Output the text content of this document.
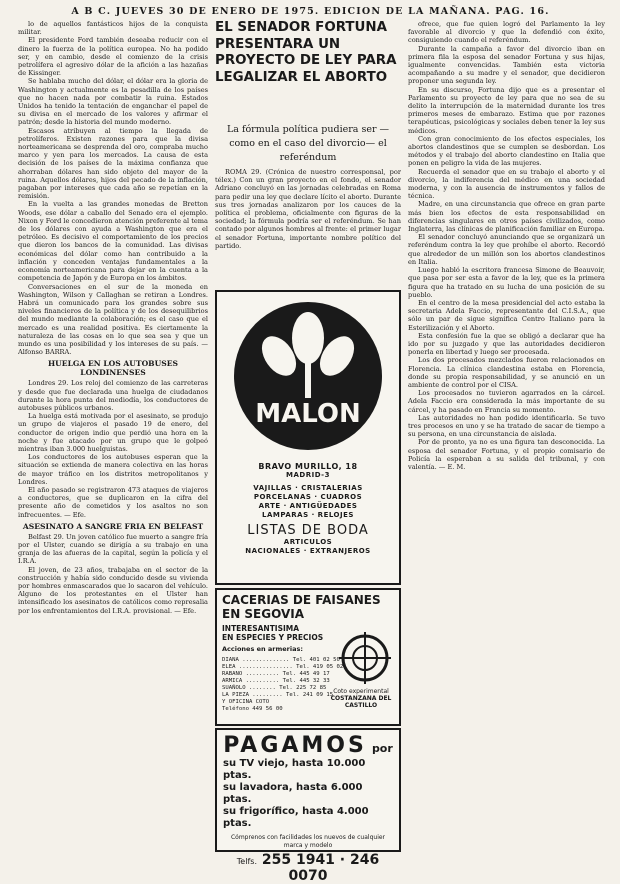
A B C. JUEVES 30 DE ENERO DE 1975. EDICION DE LA MAÑANA. PAG. 16.

lo de aquellos fantásticos hijos de la conquista militar.

El presidente Ford también deseaba reducir con el dinero la fuerza de la política europea. No ha podido ser, y en cambio, desde el comienzo de la crisis petrolífera el agresivo dólar de la afición a las hazañas de Kissinger.

Se hablaba mucho del dólar, el dólar era la gloria de Washington y actualmente es la pesadilla de los países que no hacen nada por combatir la ruina. Estados Unidos ha tenido la tentación de enganchar el papel de su divisa en el mercado de los valores y afirmar el patrón; desde la historia del mundo moderno.

Escasos atribuyen al tiempo la llegada de petrolíferos. Existen razones para que la divisa norteamericana se desprenda del oro, compraba mucho marco y yen para los mercados. La causa de esta decisión de los países de la máxima confianza que ahorraban dólares han sido objeto del mayor de la ruina. Aquellos dólares, hijos del pecado de la inflación, pagaban por intereses que cada año se repetían en la remisión.

En la vuelta a las grandes monedas de Bretton Woods, ese dólar a caballo del Senado era el ejemplo. Nixon y Ford le concedieron atención preferente al tema de los dólares con ayuda a Washington que era el petróleo. Es decisivo el comportamiento de los precios que dieron los bancos de la comunidad. Las divisas económicas del dólar como han contribuido a la inflación y conceden ventajas fundamentales a la economía norteamericana para dejar en la cuenta a la competencia de Japón y de Europa en los ámbitos.

Conversaciones en el sur de la moneda en Washington, Wilson y Callaghan se retiran a Londres. Habrá un comunicado para los grandes sobre sus niveles financieros de la política y de los desequilibrios del mundo mediante la colaboración; es el caso que el mercado es una realidad positiva. Es ciertamente la naturaleza de las cosas en lo que sea sea y que un mundo es una posibilidad y los intereses de su país. — Alfonso BARRA.

HUELGA EN LOS AUTOBUSES LONDINENSES

Londres 29. Los reloj del comienzo de las carreteras y desde que fue declarada una huelga de ciudadanos durante la hora punta del mediodía, los conductores de autobuses públicos urbanos.

La huelga está motivada por el asesinato, se produjo un grupo de viajeros el pasado 19 de enero, del conductor de origen indio que perdió una hora en la noche y fue atacado por un grupo que le golpeó mientras iban 3.000 huelguistas.

Los conductores de los autobuses esperan que la situación se extienda de manera colectiva en las horas de mayor tráfico en los distritos metropolitanos y Londres.

El año pasado se registraron 473 ataques de viajeros a conductores, que se duplicaron en la cifra del presente año de cometidos y los asaltos no son infrecuentes. — Efe.

ASESINATO A SANGRE FRIA EN BELFAST

Belfast 29. Un joven católico fue muerto a sangre fría por el Ulster, cuando se dirigía a su trabajo en una granja de las afueras de la capital, según la policía y el I.R.A.

El joven, de 23 años, trabajaba en el sector de la construcción y había sido conducido desde su vivienda por hombres enmascarados que lo sacaron del vehículo. Alguno de los protestantes en el Ulster han intensificado los asesinatos de católicos como represalia por los enfrentamientos del I.R.A. provisional. — Efe.

EL SENADOR FORTUNA PRESENTARA UN PROYECTO DE LEY PARA LEGALIZAR EL ABORTO
La fórmula política pudiera ser —como en el caso del divorcio— el referéndum

ROMA 29. (Crónica de nuestro corresponsal, por télex.) Con un gran proyecto en el fondo, el senador Adriano concluyó en las jornadas celebradas en Roma para pedir una ley que declare lícito el aborto. Durante sus tres jornadas analizaron por los cauces de la política el problema, oficialmente con figuras de la sociedad; la fórmula podría ser el referéndum. Se han contado por algunos hombres al frente: el primer lugar el senador Fortuna, importante nombre político del partido.

MALON
BRAVO MURILLO, 18
MADRID-3
VAJILLAS · CRISTALERIAS
PORCELANAS · CUADROS
ARTE · ANTIGÜEDADES
LAMPARAS · RELOJES
LISTAS DE BODA
ARTICULOS
NACIONALES · EXTRANJEROS
CACERIAS DE FAISANES
EN SEGOVIA
INTERESANTISIMA
EN ESPECIES Y PRECIOS
Acciones en armerias:
DIANA .............. Tel. 401 02 50
ELEA ................ Tel. 419 05 02
RABANO .......... Tel. 445 49 17
ARMICA .......... Tel. 445 32 33
SUAÑOLO ........ Tel. 225 72 85
LA PIEZA ......... Tel. 241 09 15
Y OFICINA COTO
Teléfono 449 56 00
Coto experimental
COSTANZANA DEL CASTILLO
PAGAMOS por
su TV viejo, hasta 10.000 ptas.
su lavadora, hasta 6.000 ptas.
su frigorífico, hasta 4.000 ptas.
Cómprenos con facilidades los nuevos de cualquier marca y modelo
Telfs. 255 1941 · 246 0070

ofrece, que fue quien logró del Parlamento la ley favorable al divorcio y que la defendió con éxito, consiguiendo cuando el referéndum.

Durante la campaña a favor del divorcio iban en primera fila la esposa del senador Fortuna y sus hijas, igualmente convencidas. También esta victoria acompañando a su madre y el senador, que decidieron proponer una segunda ley.

En su discurso, Fortuna dijo que es a presentar el Parlamento su proyecto de ley para que no sea de su delito la interrupción de la maternidad durante los tres primeros meses de embarazo. Estima que por razones terapéuticas, psicológicas y sociales deben tener la ley sus médicos.

Con gran conocimiento de los efectos especiales, los abortos clandestinos que se cumplen se desbordan. Los métodos y el trabajo del aborto clandestino en Italia que ponen en peligro la vida de las mujeres.

Recuerda el senador que en su trabajo el aborto y el divorcio, la indiferencia del médico en una sociedad moderna, y con la ausencia de instrumentos y fallos de técnica.

Madre, en una circunstancia que ofrece en gran parte más bien los efectos de esta responsabilidad en diferencias singulares en otros países civilizados, como Inglaterra, las clínicas de planificación familiar en Europa.

El senador concluyó anunciando que se organizará un referéndum contra la ley que prohíbe el aborto. Recordó que alrededor de un millón son los abortos clandestinos en Italia.

Luego habló la escritora francesa Simone de Beauvoir, que pasa por ser esta a favor de la ley, que es la primera figura que ha tratado en su lucha de una posición de su pueblo.

En el centro de la mesa presidencial del acto estaba la secretaria Adela Faccio, representante del C.I.S.A., que sólo un par de sigue significa Centro Italiano para la Esterilización y el Aborto.

Esta confesión fue la que se obligó a declarar que ha ido por su juzgado y que las autoridades decidieron ponerla en libertad y luego ser procesada.

Los dos procesados mezclados fueron relacionados en Florencia. La clínica clandestina estaba en Florencia, donde su propia responsabilidad, y se anunció en un ambiente de control por el CISA.

Los procesados no tuvieron agarrados en la cárcel. Adela Faccio era considerada la más importante de su cárcel, y ha pasado en Francia su momento.

Las autoridades no han podido identificarla. Se tuvo tres procesos en uno y se ha tratado de sacar de tiempo a su persona, en una circunstancia de aislada.

Por de pronto, ya no es una figura tan desconocida. La esposa del senador Fortuna, y el propio comisario de Policía la esperaban a su salida del tribunal, y con valentía. — E. M.
